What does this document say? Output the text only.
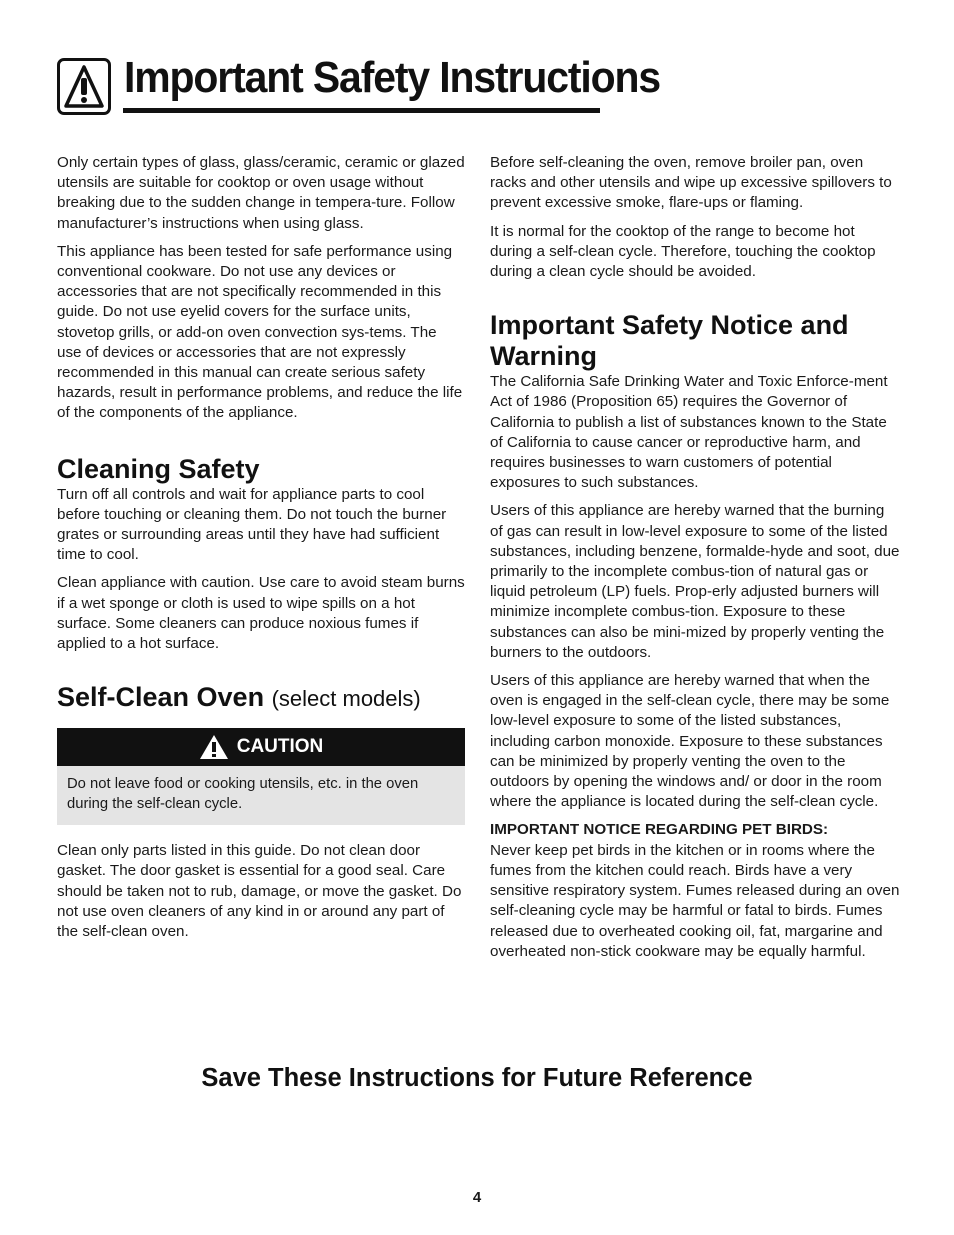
Important Safety Instructions

Only certain types of glass, glass/ceramic, ceramic or glazed utensils are suitable for cooktop or oven usage without breaking due to the sudden change in tempera-ture. Follow manufacturer’s instructions when using glass.

This appliance has been tested for safe performance using conventional cookware. Do not use any devices or accessories that are not specifically recommended in this guide. Do not use eyelid covers for the surface units, stovetop grills, or add-on oven convection sys-tems. The use of devices or accessories that are not expressly recommended in this manual can create serious safety hazards, result in performance problems, and reduce the life of the components of the appliance.

Cleaning Safety

Turn off all controls and wait for appliance parts to cool before touching or cleaning them. Do not touch the burner grates or surrounding areas until they have had sufficient time to cool.

Clean appliance with caution. Use care to avoid steam burns if a wet sponge or cloth is used to wipe spills on a hot surface. Some cleaners can produce noxious fumes if applied to a hot surface.

Self-Clean Oven (select models)
CAUTION
Do not leave food or cooking utensils, etc. in the oven during the self-clean cycle.

Clean only parts listed in this guide. Do not clean door gasket. The door gasket is essential for a good seal. Care should be taken not to rub, damage, or move the gasket. Do not use oven cleaners of any kind in or around any part of the self-clean oven.

Before self-cleaning the oven, remove broiler pan, oven racks and other utensils and wipe up excessive spillovers to prevent excessive smoke, flare-ups or flaming.

It is normal for the cooktop of the range to become hot during a self-clean cycle. Therefore, touching the cooktop during a clean cycle should be avoided.

Important Safety Notice and Warning

The California Safe Drinking Water and Toxic Enforce-ment Act of 1986 (Proposition 65) requires the Governor of California to publish a list of substances known to the State of California to cause cancer or reproductive harm, and requires businesses to warn customers of potential exposures to such substances.

Users of this appliance are hereby warned that the burning of gas can result in low-level exposure to some of the listed substances, including benzene, formalde-hyde and soot, due primarily to the incomplete combus-tion of natural gas or liquid petroleum (LP) fuels. Prop-erly adjusted burners will minimize incomplete combus-tion. Exposure to these substances can also be mini-mized by properly venting the burners to the outdoors.

Users of this appliance are hereby warned that when the oven is engaged in the self-clean cycle, there may be some low-level exposure to some of the listed substances, including carbon monoxide. Exposure to these substances can be minimized by properly venting the oven to the outdoors by opening the windows and/ or door in the room where the appliance is located during the self-clean cycle.

IMPORTANT NOTICE REGARDING PET BIRDS:

Never keep pet birds in the kitchen or in rooms where the fumes from the kitchen could reach. Birds have a very sensitive respiratory system. Fumes released during an oven self-cleaning cycle may be harmful or fatal to birds. Fumes released due to overheated cooking oil, fat, margarine and overheated non-stick cookware may be equally harmful.

Save These Instructions for Future Reference
4
